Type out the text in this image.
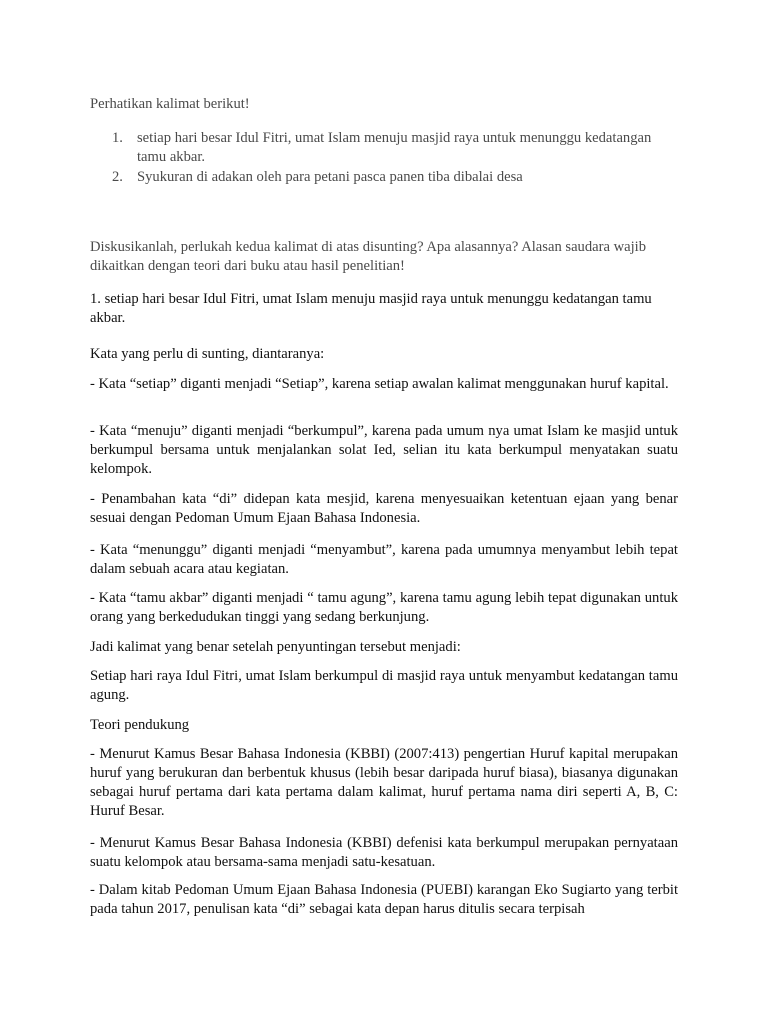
Perhatikan kalimat berikut!

1. setiap hari besar Idul Fitri, umat Islam menuju masjid raya untuk menunggu kedatangan tamu akbar.
2. Syukuran di adakan oleh para petani pasca panen tiba dibalai desa

Diskusikanlah, perlukah kedua kalimat di atas disunting? Apa alasannya? Alasan saudara wajib dikaitkan dengan teori dari buku atau hasil penelitian!

1. setiap hari besar Idul Fitri, umat Islam menuju masjid raya untuk menunggu kedatangan tamu akbar.

Kata yang perlu di sunting, diantaranya:

- Kata “setiap” diganti menjadi “Setiap”, karena setiap awalan kalimat menggunakan huruf kapital.

- Kata “menuju” diganti menjadi “berkumpul”, karena pada umum nya umat Islam ke masjid untuk berkumpul bersama untuk menjalankan solat Ied, selian itu kata berkumpul menyatakan suatu kelompok.

- Penambahan kata “di” didepan kata mesjid, karena menyesuaikan ketentuan ejaan yang benar sesuai dengan Pedoman Umum Ejaan Bahasa Indonesia.

- Kata “menunggu” diganti menjadi “menyambut”, karena pada umumnya menyambut lebih tepat dalam sebuah acara atau kegiatan.

- Kata “tamu akbar” diganti menjadi “ tamu agung”, karena tamu agung lebih tepat digunakan untuk orang yang berkedudukan tinggi yang sedang berkunjung.

Jadi kalimat yang benar setelah penyuntingan tersebut menjadi:

Setiap hari raya Idul Fitri, umat Islam berkumpul di masjid raya untuk menyambut kedatangan tamu agung.

Teori pendukung

- Menurut Kamus Besar Bahasa Indonesia (KBBI) (2007:413) pengertian Huruf kapital merupakan huruf yang berukuran dan berbentuk khusus (lebih besar daripada huruf biasa), biasanya digunakan sebagai huruf pertama dari kata pertama dalam kalimat, huruf pertama nama diri seperti A, B, C: Huruf Besar.

- Menurut Kamus Besar Bahasa Indonesia (KBBI) defenisi kata berkumpul merupakan pernyataan suatu kelompok atau bersama-sama menjadi satu-kesatuan.

- Dalam kitab Pedoman Umum Ejaan Bahasa Indonesia (PUEBI) karangan Eko Sugiarto yang terbit pada tahun 2017, penulisan kata “di” sebagai kata depan harus ditulis secara terpisah
